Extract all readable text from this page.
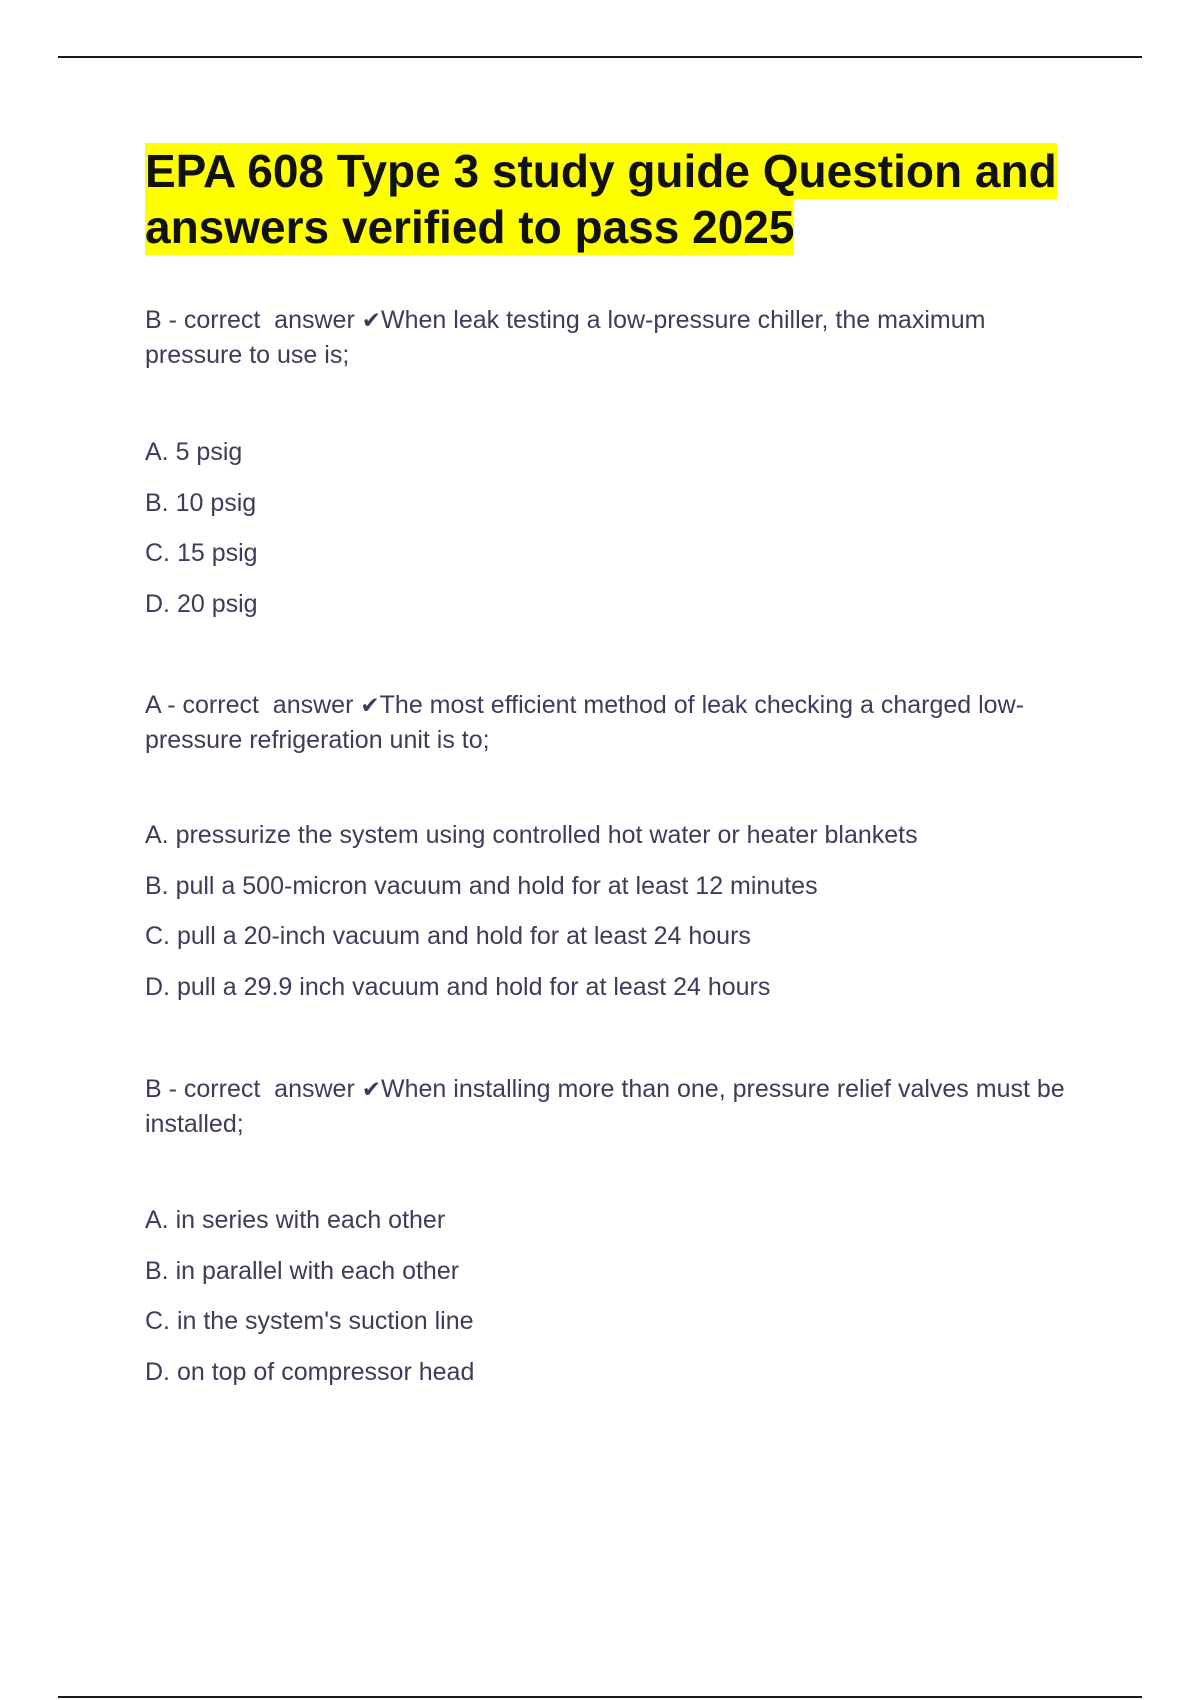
EPA 608 Type 3 study guide Question and answers verified to pass 2025

B - correct  answer ✔When leak testing a low-pressure chiller, the maximum pressure to use is;

A. 5 psig
B. 10 psig
C. 15 psig
D. 20 psig

A - correct  answer ✔The most efficient method of leak checking a charged low-pressure refrigeration unit is to;

A. pressurize the system using controlled hot water or heater blankets
B. pull a 500-micron vacuum and hold for at least 12 minutes
C. pull a 20-inch vacuum and hold for at least 24 hours
D. pull a 29.9 inch vacuum and hold for at least 24 hours

B - correct  answer ✔When installing more than one, pressure relief valves must be installed;

A. in series with each other
B. in parallel with each other
C. in the system's suction line
D. on top of compressor head
